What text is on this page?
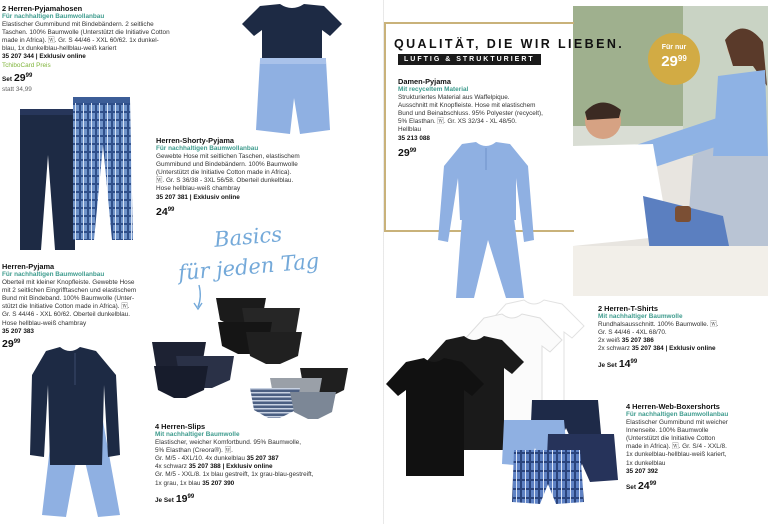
2 Herren-Pyjamahosen
Für nachhaltigen Baumwollanbau
Elastischer Gummibund mit Bindebändern. 2 seitliche
Taschen. 100% Baumwolle (Unterstützt die Initiative Cotton
made in Africa). 🅆. Gr. S 44/46 - XXL 60/62. 1x dunkel-
blau, 1x dunkelblau-hellblau-weiß kariert
35 207 344 | Exklusiv online
TchiboCard Preis
Set $29^{99}$
statt 34,99
Herren-Shorty-Pyjama
Für nachhaltigen Baumwollanbau
Gewebte Hose mit seitlichen Taschen, elastischem
Gummibund und Bindebändern. 100% Baumwolle
(Unterstützt die Initiative Cotton made in Africa).
🅆. Gr. S 36/38 - 3XL 56/58. Oberteil dunkelblau.
Hose hellblau-weiß chambray
35 207 381 | Exklusiv online
$24^{99}$
Basics
für jeden Tag
Herren-Pyjama
Für nachhaltigen Baumwollanbau
Oberteil mit kleiner Knopfleiste. Gewebte Hose
mit 2 seitlichen Eingrifftaschen und elastischem
Bund mit Bindeband. 100% Baumwolle (Unter-
stützt die Initiative Cotton made in Africa). 🅆.
Gr. S 44/46 - XXL 60/62. Oberteil dunkelblau.
Hose hellblau-weiß chambray
35 207 383
$29^{99}$
4 Herren-Slips
Mit nachhaltiger Baumwolle
Elastischer, weicher Komfortbund. 95% Baumwolle,
5% Elasthan (Creora®). 🅆.
Gr. M/5 - 4XL/10. 4x dunkelblau 35 207 387
4x schwarz 35 207 388 | Exklusiv online
Gr. M/5 - XXL/8. 1x blau gestreift, 1x grau-blau-gestreift,
1x grau, 1x blau 35 207 390
Je Set $19^{99}$
QUALITÄT, DIE WIR LIEBEN.
LUFTIG & STRUKTURIERT
Für nur
$29^{99}$
Damen-Pyjama
Mit recyceltem Material
Strukturiertes Material aus Waffelpique.
Ausschnitt mit Knopfleiste. Hose mit elastischem
Bund und Beinabschluss. 95% Polyester (recycelt),
5% Elasthan. 🅆. Gr. XS 32/34 - XL 48/50.
Hellblau
35 213 088
$29^{99}$
2 Herren-T-Shirts
Mit nachhaltiger Baumwolle
Rundhalsausschnitt. 100% Baumwolle. 🅆.
Gr. S 44/46 - 4XL 68/70.
2x weiß 35 207 386
2x schwarz 35 207 384 | Exklusiv online
Je Set $14^{99}$
4 Herren-Web-Boxershorts
Für nachhaltigen Baumwollanbau
Elastischer Gummibund mit weicher
Innenseite. 100% Baumwolle
(Unterstützt die Initiative Cotton
made in Africa). 🅆. Gr. S/4 - XXL/8.
1x dunkelblau-hellblau-weiß kariert,
1x dunkelblau
35 207 392
Set $24^{99}$
